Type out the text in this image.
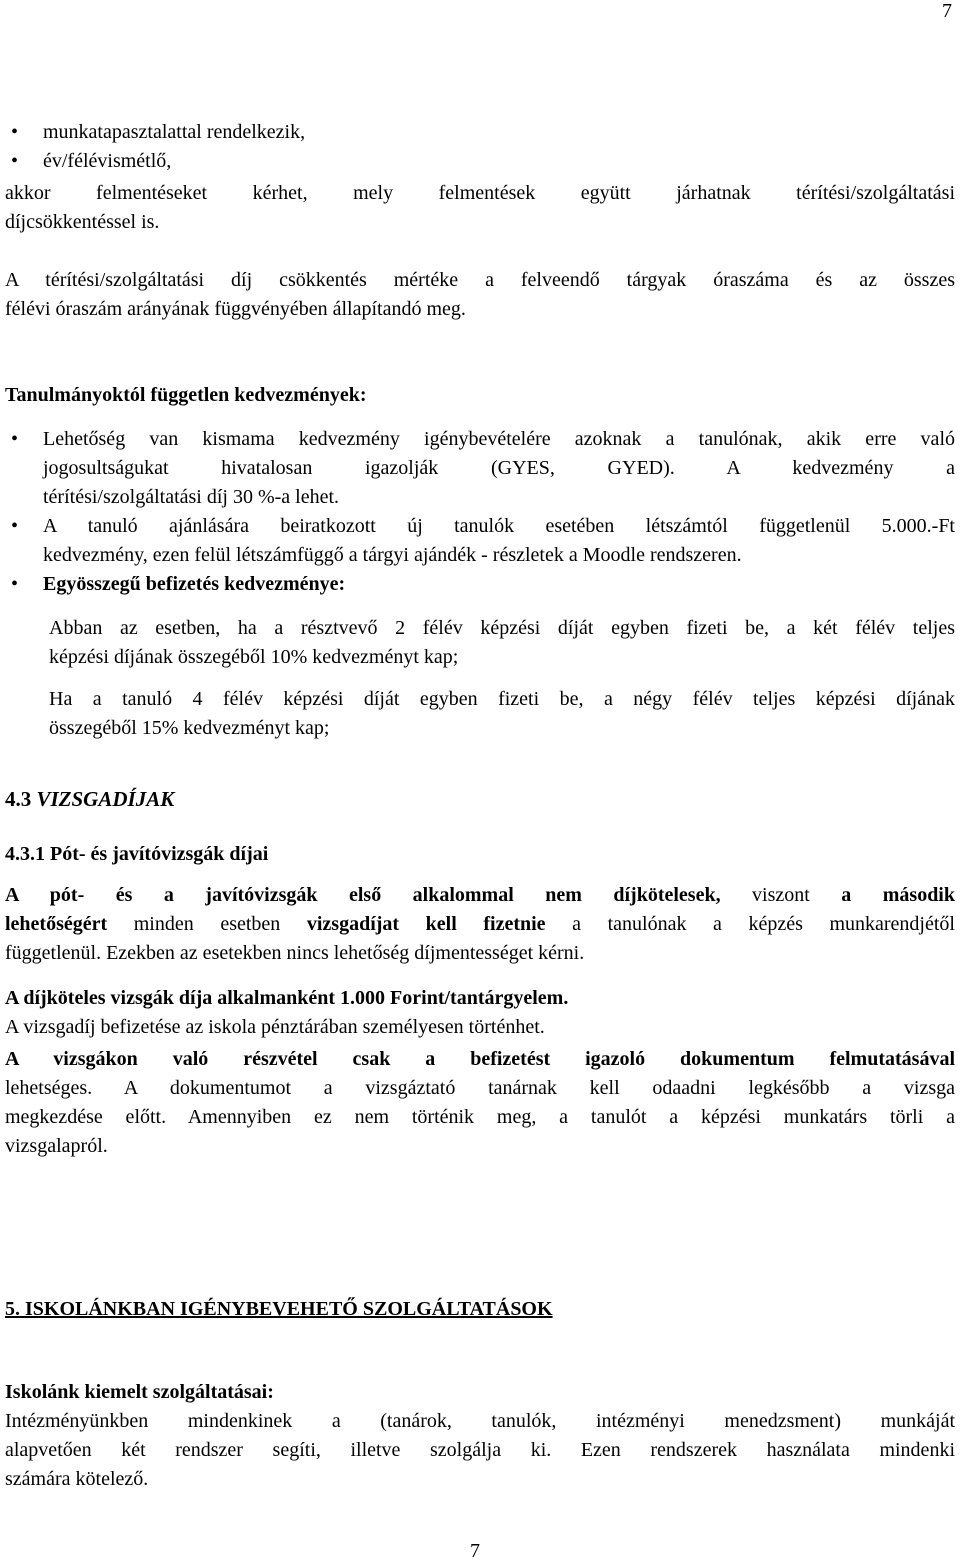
7
• munkatapasztalattal rendelkezik,
• év/félévismétlő,
akkor felmentéseket kérhet, mely felmentések együtt járhatnak térítési/szolgáltatási
díjcsökkentéssel is.
A térítési/szolgáltatási díj csökkentés mértéke a felveendő tárgyak óraszáma és az összes
félévi óraszám arányának függvényében állapítandó meg.
Tanulmányoktól független kedvezmények:
• Lehetőség van kismama kedvezmény igénybevételére azoknak a tanulónak, akik erre való
jogosultságukat hivatalosan igazolják (GYES, GYED). A kedvezmény a
térítési/szolgáltatási díj 30 %-a lehet.
• A tanuló ajánlására beiratkozott új tanulók esetében létszámtól függetlenül 5.000.-Ft
kedvezmény, ezen felül létszámfüggő a tárgyi ajándék - részletek a Moodle rendszeren.
• Egyösszegű befizetés kedvezménye:
Abban az esetben, ha a résztvevő 2 félév képzési díját egyben fizeti be, a két félév teljes
képzési díjának összegéből 10% kedvezményt kap;
Ha a tanuló 4 félév képzési díját egyben fizeti be, a négy félév teljes képzési díjának
összegéből 15% kedvezményt kap;
4.3 VIZSGADÍJAK
4.3.1 Pót- és javítóvizsgák díjai
A pót- és a javítóvizsgák első alkalommal nem díjkötelesek, viszont a második
lehetőségért minden esetben vizsgadíjat kell fizetnie a tanulónak a képzés munkarendjétől
függetlenül. Ezekben az esetekben nincs lehetőség díjmentességet kérni.
A díjköteles vizsgák díja alkalmanként 1.000 Forint/tantárgyelem.
A vizsgadíj befizetése az iskola pénztárában személyesen történhet.
A vizsgákon való részvétel csak a befizetést igazoló dokumentum felmutatásával
lehetséges. A dokumentumot a vizsgáztató tanárnak kell odaadni legkésőbb a vizsga
megkezdése előtt. Amennyiben ez nem történik meg, a tanulót a képzési munkatárs törli a
vizsgalapról.
5. ISKOLÁNKBAN IGÉNYBEVEHETŐ SZOLGÁLTATÁSOK
Iskolánk kiemelt szolgáltatásai:
Intézményünkben mindenkinek a (tanárok, tanulók, intézményi menedzsment) munkáját
alapvetően két rendszer segíti, illetve szolgálja ki. Ezen rendszerek használata mindenki
számára kötelező.
7
